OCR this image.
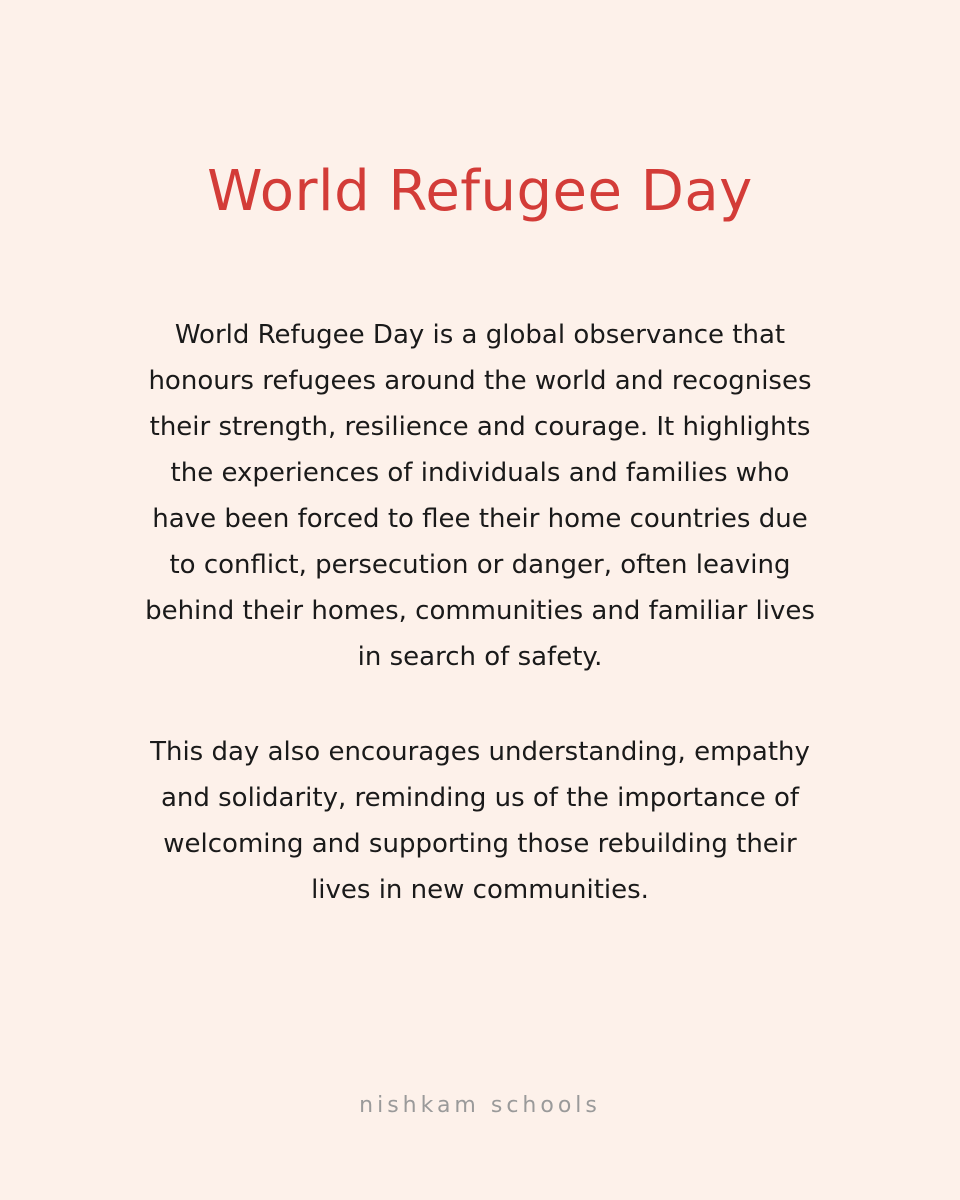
World Refugee Day
World Refugee Day is a global observance that
honours refugees around the world and recognises
their strength, resilience and courage. It highlights
the experiences of individuals and families who
have been forced to flee their home countries due
to conflict, persecution or danger, often leaving
behind their homes, communities and familiar lives
in search of safety.
This day also encourages understanding, empathy
and solidarity, reminding us of the importance of
welcoming and supporting those rebuilding their
lives in new communities.
nishkam schools
